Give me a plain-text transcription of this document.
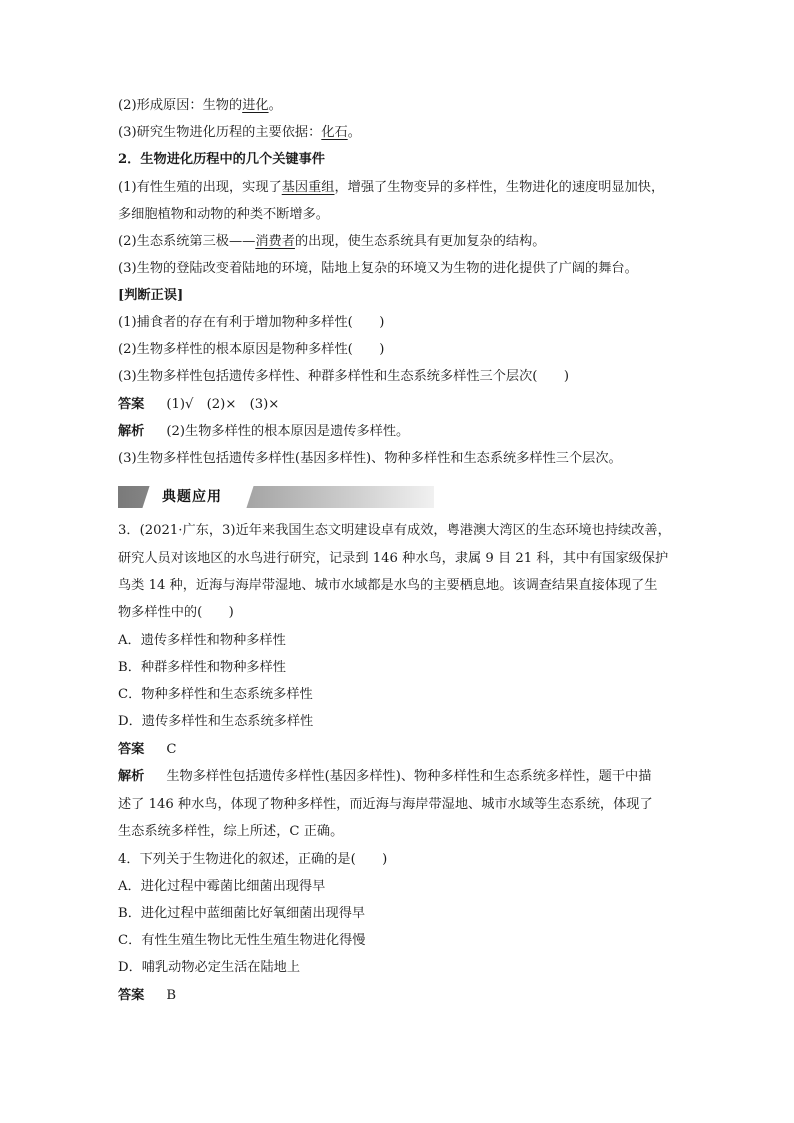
(2)形成原因：生物的进化。
(3)研究生物进化历程的主要依据：化石。
2．生物进化历程中的几个关键事件
(1)有性生殖的出现，实现了基因重组，增强了生物变异的多样性，生物进化的速度明显加快，
多细胞植物和动物的种类不断增多。
(2)生态系统第三极——消费者的出现，使生态系统具有更加复杂的结构。
(3)生物的登陆改变着陆地的环境，陆地上复杂的环境又为生物的进化提供了广阔的舞台。
[判断正误]
(1)捕食者的存在有利于增加物种多样性(　　)
(2)生物多样性的根本原因是物种多样性(　　)
(3)生物多样性包括遗传多样性、种群多样性和生态系统多样性三个层次(　　)
答案 (1)√　(2)×　(3)×
解析 (2)生物多样性的根本原因是遗传多样性。
(3)生物多样性包括遗传多样性(基因多样性)、物种多样性和生态系统多样性三个层次。
典题应用
3．(2021·广东，3)近年来我国生态文明建设卓有成效，粤港澳大湾区的生态环境也持续改善，
研究人员对该地区的水鸟进行研究，记录到 146 种水鸟，隶属 9 目 21 科，其中有国家级保护
鸟类 14 种，近海与海岸带湿地、城市水域都是水鸟的主要栖息地。该调查结果直接体现了生
物多样性中的(　　)
A．遗传多样性和物种多样性
B．种群多样性和物种多样性
C．物种多样性和生态系统多样性
D．遗传多样性和生态系统多样性
答案 C
解析 生物多样性包括遗传多样性(基因多样性)、物种多样性和生态系统多样性，题干中描
述了 146 种水鸟，体现了物种多样性，而近海与海岸带湿地、城市水域等生态系统，体现了
生态系统多样性，综上所述，C 正确。
4．下列关于生物进化的叙述，正确的是(　　)
A．进化过程中霉菌比细菌出现得早
B．进化过程中蓝细菌比好氧细菌出现得早
C．有性生殖生物比无性生殖生物进化得慢
D．哺乳动物必定生活在陆地上
答案 B
